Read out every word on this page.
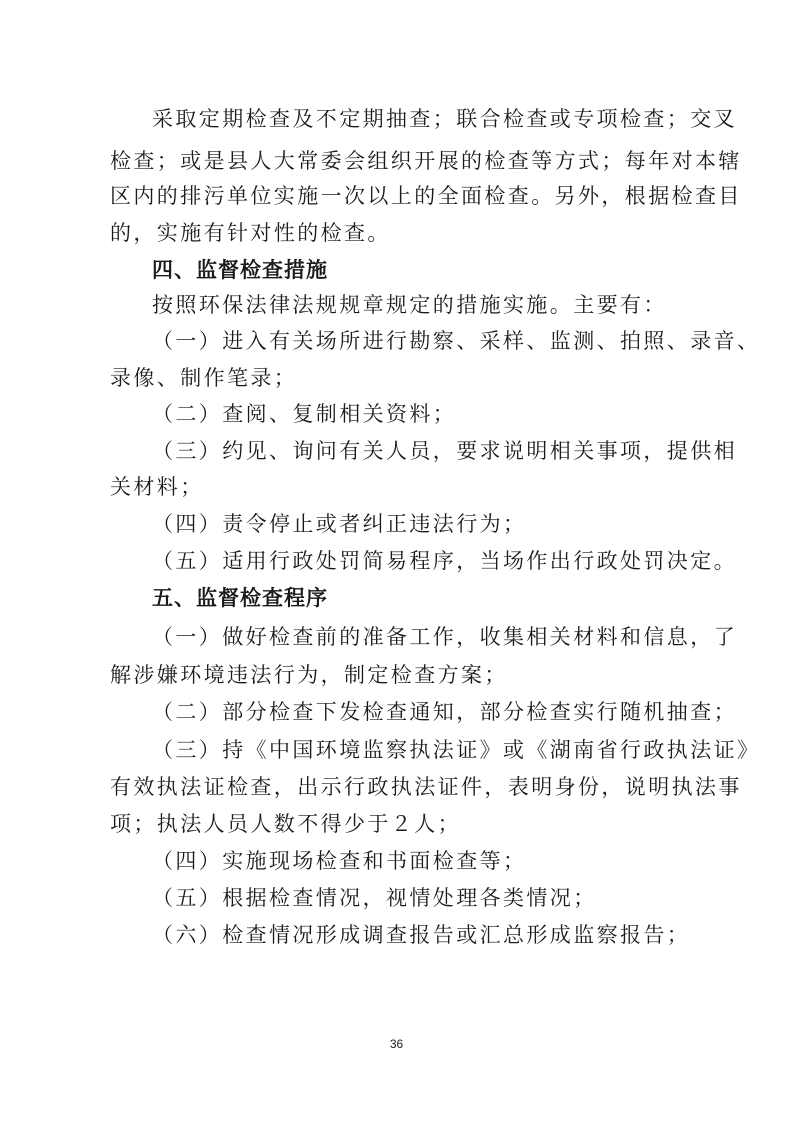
采取定期检查及不定期抽查；联合检查或专项检查；交叉
检查；或是县人大常委会组织开展的检查等方式；每年对本辖
区内的排污单位实施一次以上的全面检查。另外，根据检查目
的，实施有针对性的检查。
四、监督检查措施
按照环保法律法规规章规定的措施实施。主要有：
（一）进入有关场所进行勘察、采样、监测、拍照、录音、
录像、制作笔录；
（二）查阅、复制相关资料；
（三）约见、询问有关人员，要求说明相关事项，提供相
关材料；
（四）责令停止或者纠正违法行为；
（五）适用行政处罚简易程序，当场作出行政处罚决定。
五、监督检查程序
（一）做好检查前的准备工作，收集相关材料和信息，了
解涉嫌环境违法行为，制定检查方案；
（二）部分检查下发检查通知，部分检查实行随机抽查；
（三）持《中国环境监察执法证》或《湖南省行政执法证》
有效执法证检查，出示行政执法证件，表明身份，说明执法事
项；执法人员人数不得少于２人；
（四）实施现场检查和书面检查等；
（五）根据检查情况，视情处理各类情况；
（六）检查情况形成调查报告或汇总形成监察报告；
36
